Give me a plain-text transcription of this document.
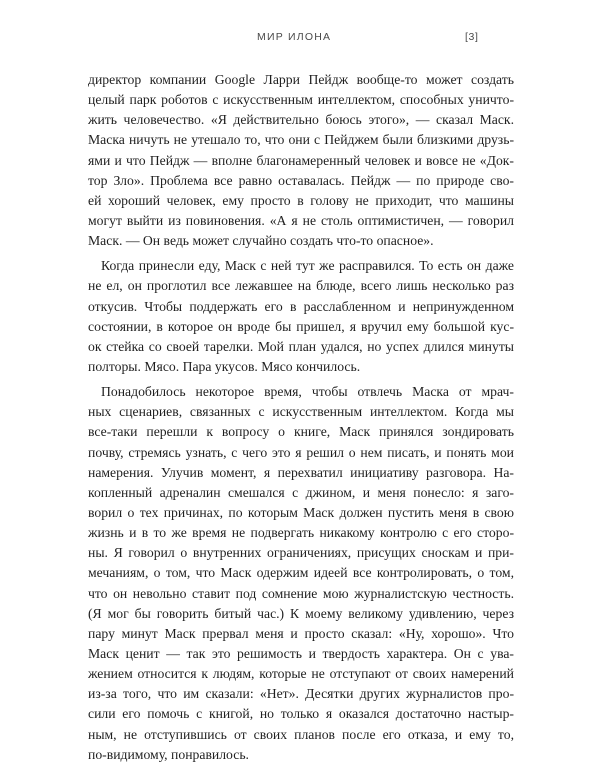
МИР ИЛОНА	[3]
директор компании Google Ларри Пейдж вообще-то может создать
целый парк роботов с искусственным интеллектом, способных уничто-
жить человечество. «Я действительно боюсь этого», — сказал Маск.
Маска ничуть не утешало то, что они с Пейджем были близкими друзь-
ями и что Пейдж — вполне благонамеренный человек и вовсе не «Док-
тор Зло». Проблема все равно оставалась. Пейдж — по природе сво-
ей хороший человек, ему просто в голову не приходит, что машины
могут выйти из повиновения. «А я не столь оптимистичен, — говорил
Маск. — Он ведь может случайно создать что-то опасное».
Когда принесли еду, Маск с ней тут же расправился. То есть он даже
не ел, он проглотил все лежавшее на блюде, всего лишь несколько раз
откусив. Чтобы поддержать его в расслабленном и непринужденном
состоянии, в которое он вроде бы пришел, я вручил ему большой кус-
ок стейка со своей тарелки. Мой план удался, но успех длился минуты
полторы. Мясо. Пара укусов. Мясо кончилось.
Понадобилось некоторое время, чтобы отвлечь Маска от мрач-
ных сценариев, связанных с искусственным интеллектом. Когда мы
все-таки перешли к вопросу о книге, Маск принялся зондировать
почву, стремясь узнать, с чего это я решил о нем писать, и понять мои
намерения. Улучив момент, я перехватил инициативу разговора. На-
копленный адреналин смешался с джином, и меня понесло: я заго-
ворил о тех причинах, по которым Маск должен пустить меня в свою
жизнь и в то же время не подвергать никакому контролю с его сторо-
ны. Я говорил о внутренних ограничениях, присущих сноскам и при-
мечаниям, о том, что Маск одержим идеей все контролировать, о том,
что он невольно ставит под сомнение мою журналистскую честность.
(Я мог бы говорить битый час.) К моему великому удивлению, через
пару минут Маск прервал меня и просто сказал: «Ну, хорошо». Что
Маск ценит — так это решимость и твердость характера. Он с ува-
жением относится к людям, которые не отступают от своих намерений
из-за того, что им сказали: «Нет». Десятки других журналистов про-
сили его помочь с книгой, но только я оказался достаточно настыр-
ным, не отступившись от своих планов после его отказа, и ему то,
по-видимому, понравилось.
